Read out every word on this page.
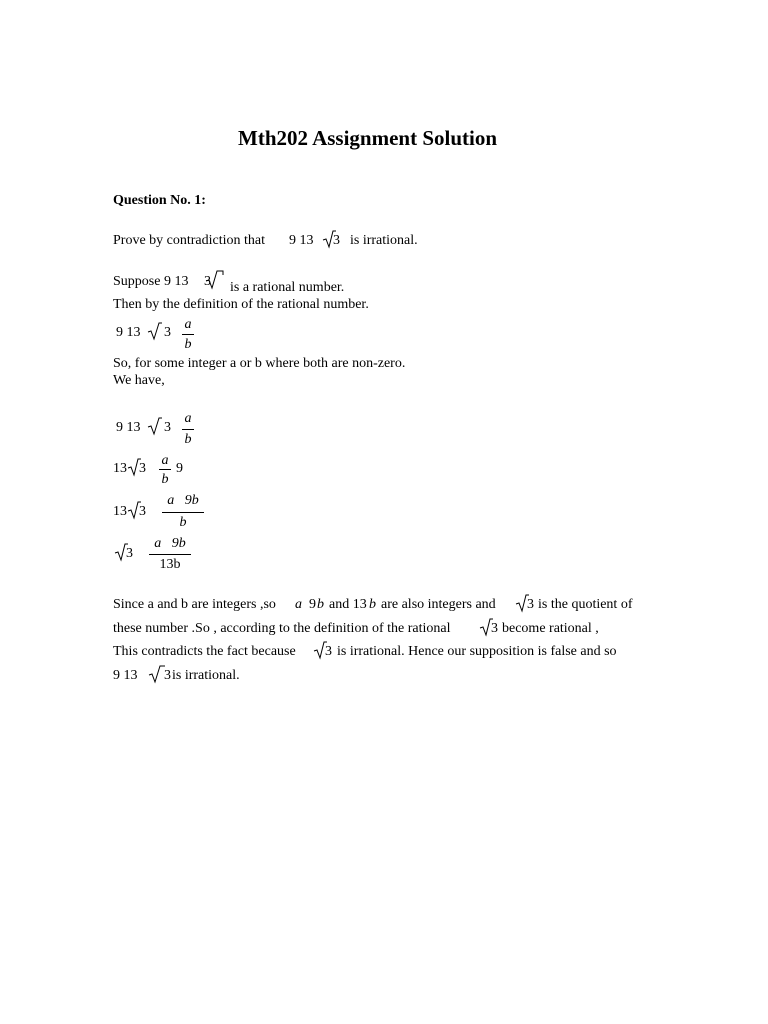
Mth202 Assignment Solution
Question No. 1:
Prove by contradiction that 9 13 3 is irrational.
Suppose 9 13 3 is a rational number.
Then by the definition of the rational number.
9 13 3
a
b
So, for some integer a or b where both are non-zero.
We have,
9 13 3
a
b
13 3
a
b
9
13 3
a   9b
b
3
a   9b
13b
Since a and b are integers ,so a 9 b and 13 b are also integers and 3 is the quotient of
these number .So , according to the definition of the rational	3 become rational ,
This contradicts the fact because 3 is irrational. Hence our supposition is false and so
9 13 3 is irrational.
